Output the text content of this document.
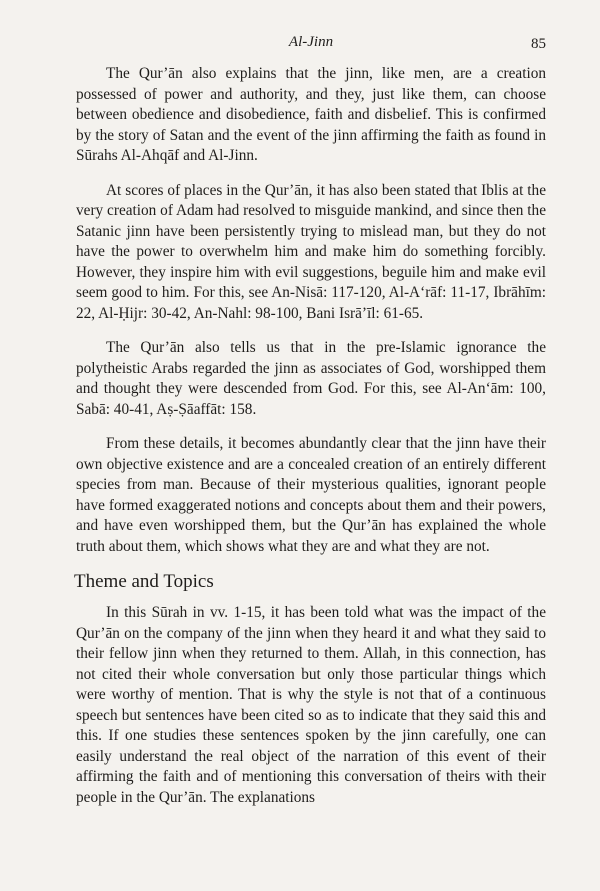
Al-Jinn	85

The Qur’ān also explains that the jinn, like men, are a creation possessed of power and authority, and they, just like them, can choose between obedience and disobedience, faith and disbelief. This is confirmed by the story of Satan and the event of the jinn affirming the faith as found in Sūrahs Al-Ahqāf and Al-Jinn.

At scores of places in the Qur’ān, it has also been stated that Iblis at the very creation of Adam had resolved to misguide mankind, and since then the Satanic jinn have been persistently trying to mislead man, but they do not have the power to overwhelm him and make him do something forcibly. However, they inspire him with evil suggestions, beguile him and make evil seem good to him. For this, see An-Nisā: 117-120, Al-A‘rāf: 11-17, Ibrāhīm: 22, Al-Ḥijr: 30-42, An-Nahl: 98-100, Bani Isrā’īl: 61-65.

The Qur’ān also tells us that in the pre-Islamic ignorance the polytheistic Arabs regarded the jinn as associates of God, worshipped them and thought they were descended from God. For this, see Al-An‘ām: 100, Sabā: 40-41, Aṣ-Ṣāaffāt: 158.

From these details, it becomes abundantly clear that the jinn have their own objective existence and are a concealed creation of an entirely different species from man. Because of their mysterious qualities, ignorant people have formed exaggerated notions and concepts about them and their powers, and have even worshipped them, but the Qur’ān has explained the whole truth about them, which shows what they are and what they are not.

Theme and Topics

In this Sūrah in vv. 1-15, it has been told what was the impact of the Qur’ān on the company of the jinn when they heard it and what they said to their fellow jinn when they returned to them. Allah, in this connection, has not cited their whole conversation but only those particular things which were worthy of mention. That is why the style is not that of a continuous speech but sentences have been cited so as to indicate that they said this and this. If one studies these sentences spoken by the jinn carefully, one can easily understand the real object of the narration of this event of their affirming the faith and of mentioning this conversation of theirs with their people in the Qur’ān. The explanations
